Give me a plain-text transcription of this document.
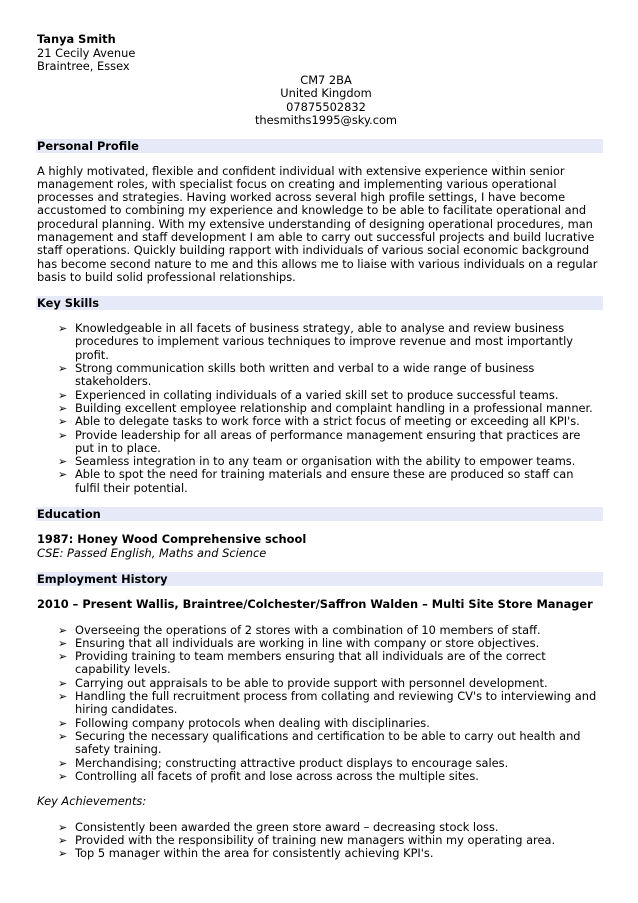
Tanya Smith
21 Cecily Avenue
Braintree, Essex
CM7 2BA
United Kingdom
07875502832
thesmiths1995@sky.com
Personal Profile

A highly motivated, flexible and confident individual with extensive experience within senior management roles, with specialist focus on creating and implementing various operational processes and strategies. Having worked across several high profile settings, I have become accustomed to combining my experience and knowledge to be able to facilitate operational and procedural planning. With my extensive understanding of designing operational procedures, man management and staff development I am able to carry out successful projects and build lucrative staff operations. Quickly building rapport with individuals of various social economic background has become second nature to me and this allows me to liaise with various individuals on a regular basis to build solid professional relationships.

Key Skills
➢ Knowledgeable in all facets of business strategy, able to analyse and review business procedures to implement various techniques to improve revenue and most importantly profit.
➢ Strong communication skills both written and verbal to a wide range of business stakeholders.
➢ Experienced in collating individuals of a varied skill set to produce successful teams.
➢ Building excellent employee relationship and complaint handling in a professional manner.
➢ Able to delegate tasks to work force with a strict focus of meeting or exceeding all KPI's.
➢ Provide leadership for all areas of performance management ensuring that practices are put in to place.
➢ Seamless integration in to any team or organisation with the ability to empower teams.
➢ Able to spot the need for training materials and ensure these are produced so staff can fulfil their potential.
Education

1987: Honey Wood Comprehensive school

CSE: Passed English, Maths and Science

Employment History

2010 – Present Wallis, Braintree/Colchester/Saffron Walden – Multi Site Store Manager

➢ Overseeing the operations of 2 stores with a combination of 10 members of staff.
➢ Ensuring that all individuals are working in line with company or store objectives.
➢ Providing training to team members ensuring that all individuals are of the correct capability levels.
➢ Carrying out appraisals to be able to provide support with personnel development.
➢ Handling the full recruitment process from collating and reviewing CV's to interviewing and hiring candidates.
➢ Following company protocols when dealing with disciplinaries.
➢ Securing the necessary qualifications and certification to be able to carry out health and safety training.
➢ Merchandising; constructing attractive product displays to encourage sales.
➢ Controlling all facets of profit and lose across across the multiple sites.

Key Achievements:

➢ Consistently been awarded the green store award – decreasing stock loss.
➢ Provided with the responsibility of training new managers within my operating area.
➢ Top 5 manager within the area for consistently achieving KPI's.
